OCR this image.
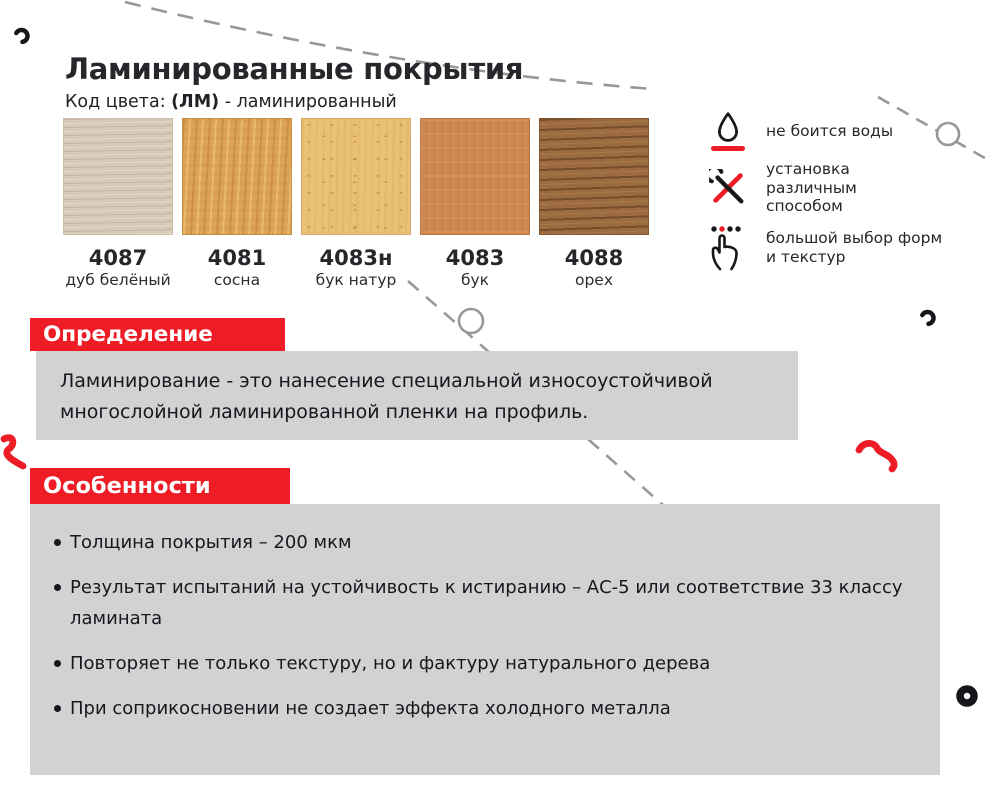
Ламинированные покрытия
Код цвета: (ЛМ) - ламинированный
4087
дуб белёный
4081
сосна
4083н
бук натур
4083
бук
4088
орех
не боится воды
установка различным
способом
большой выбор форм
и текстур
Определение
Ламинирование - это нанесение специальной износоустойчивой многослойной ламинированной пленки на профиль.
Особенности
Толщина покрытия – 200 мкм
Результат испытаний на устойчивость к истиранию – АС-5 или соответствие 33 классу ламината
Повторяет не только текстуру, но и фактуру натурального дерева
При соприкосновении не создает эффекта холодного металла
